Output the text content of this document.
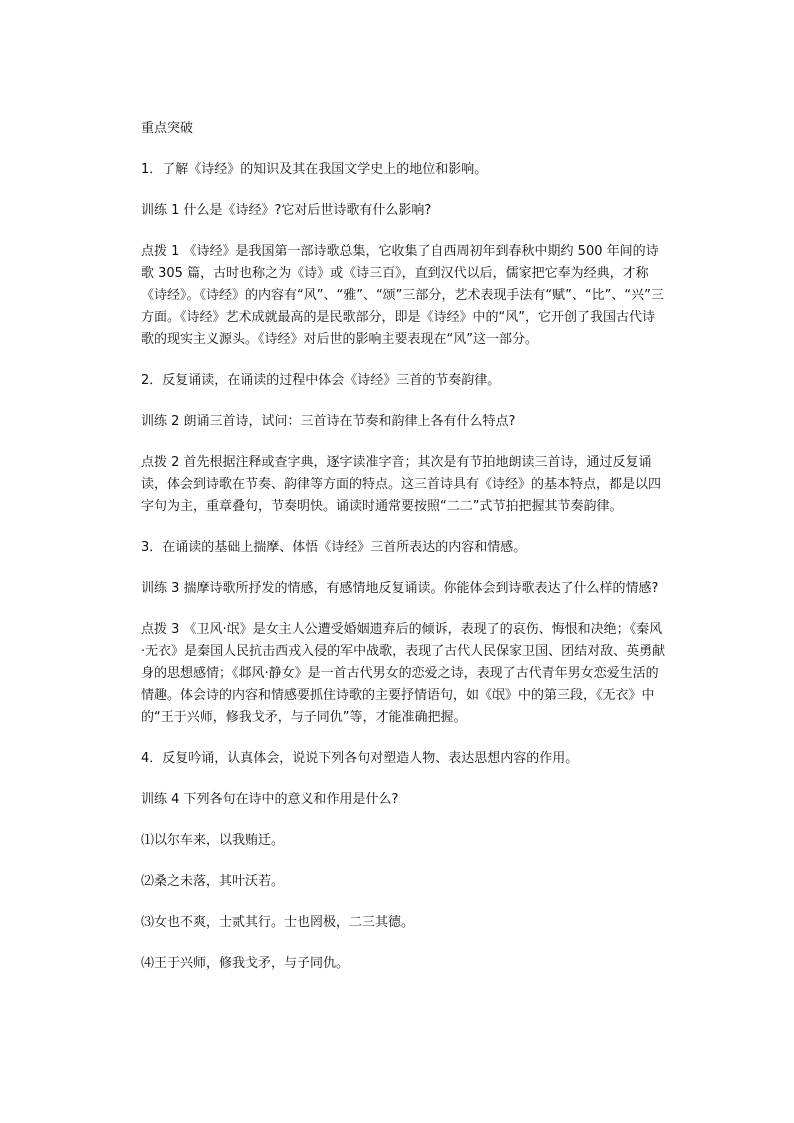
重点突破

1．了解《诗经》的知识及其在我国文学史上的地位和影响。

训练 1 什么是《诗经》?它对后世诗歌有什么影响?

点拨 1 《诗经》是我国第一部诗歌总集，它收集了自西周初年到春秋中期约 500 年间的诗歌 305 篇，古时也称之为《诗》或《诗三百》，直到汉代以后，儒家把它奉为经典，才称《诗经》。《诗经》的内容有“风”、“雅”、“颂”三部分，艺术表现手法有“赋”、“比”、“兴”三方面。《诗经》艺术成就最高的是民歌部分，即是《诗经》中的“风”，它开创了我国古代诗歌的现实主义源头。《诗经》对后世的影响主要表现在“风”这一部分。

2．反复诵读，在诵读的过程中体会《诗经》三首的节奏韵律。

训练 2 朗诵三首诗，试问：三首诗在节奏和韵律上各有什么特点?

点拨 2 首先根据注释或查字典，逐字读准字音；其次是有节拍地朗读三首诗，通过反复诵读，体会到诗歌在节奏、韵律等方面的特点。这三首诗具有《诗经》的基本特点，都是以四字句为主，重章叠句，节奏明快。诵读时通常要按照“二二”式节拍把握其节奏韵律。

3．在诵读的基础上揣摩、体悟《诗经》三首所表达的内容和情感。

训练 3 揣摩诗歌所抒发的情感，有感情地反复诵读。你能体会到诗歌表达了什么样的情感?

点拨 3 《卫风·氓》是女主人公遭受婚姻遗弃后的倾诉，表现了的哀伤、悔恨和决绝；《秦风·无衣》是秦国人民抗击西戎入侵的军中战歌，表现了古代人民保家卫国、团结对敌、英勇献身的思想感情；《邶风·静女》是一首古代男女的恋爱之诗，表现了古代青年男女恋爱生活的情趣。体会诗的内容和情感要抓住诗歌的主要抒情语句，如《氓》中的第三段，《无衣》中的“王于兴师，修我戈矛，与子同仇”等，才能准确把握。

4．反复吟诵，认真体会，说说下列各句对塑造人物、表达思想内容的作用。

训练 4 下列各句在诗中的意义和作用是什么?

⑴以尔车来，以我贿迁。

⑵桑之未落，其叶沃若。

⑶女也不爽，士贰其行。士也罔极，二三其德。

⑷王于兴师，修我戈矛，与子同仇。
